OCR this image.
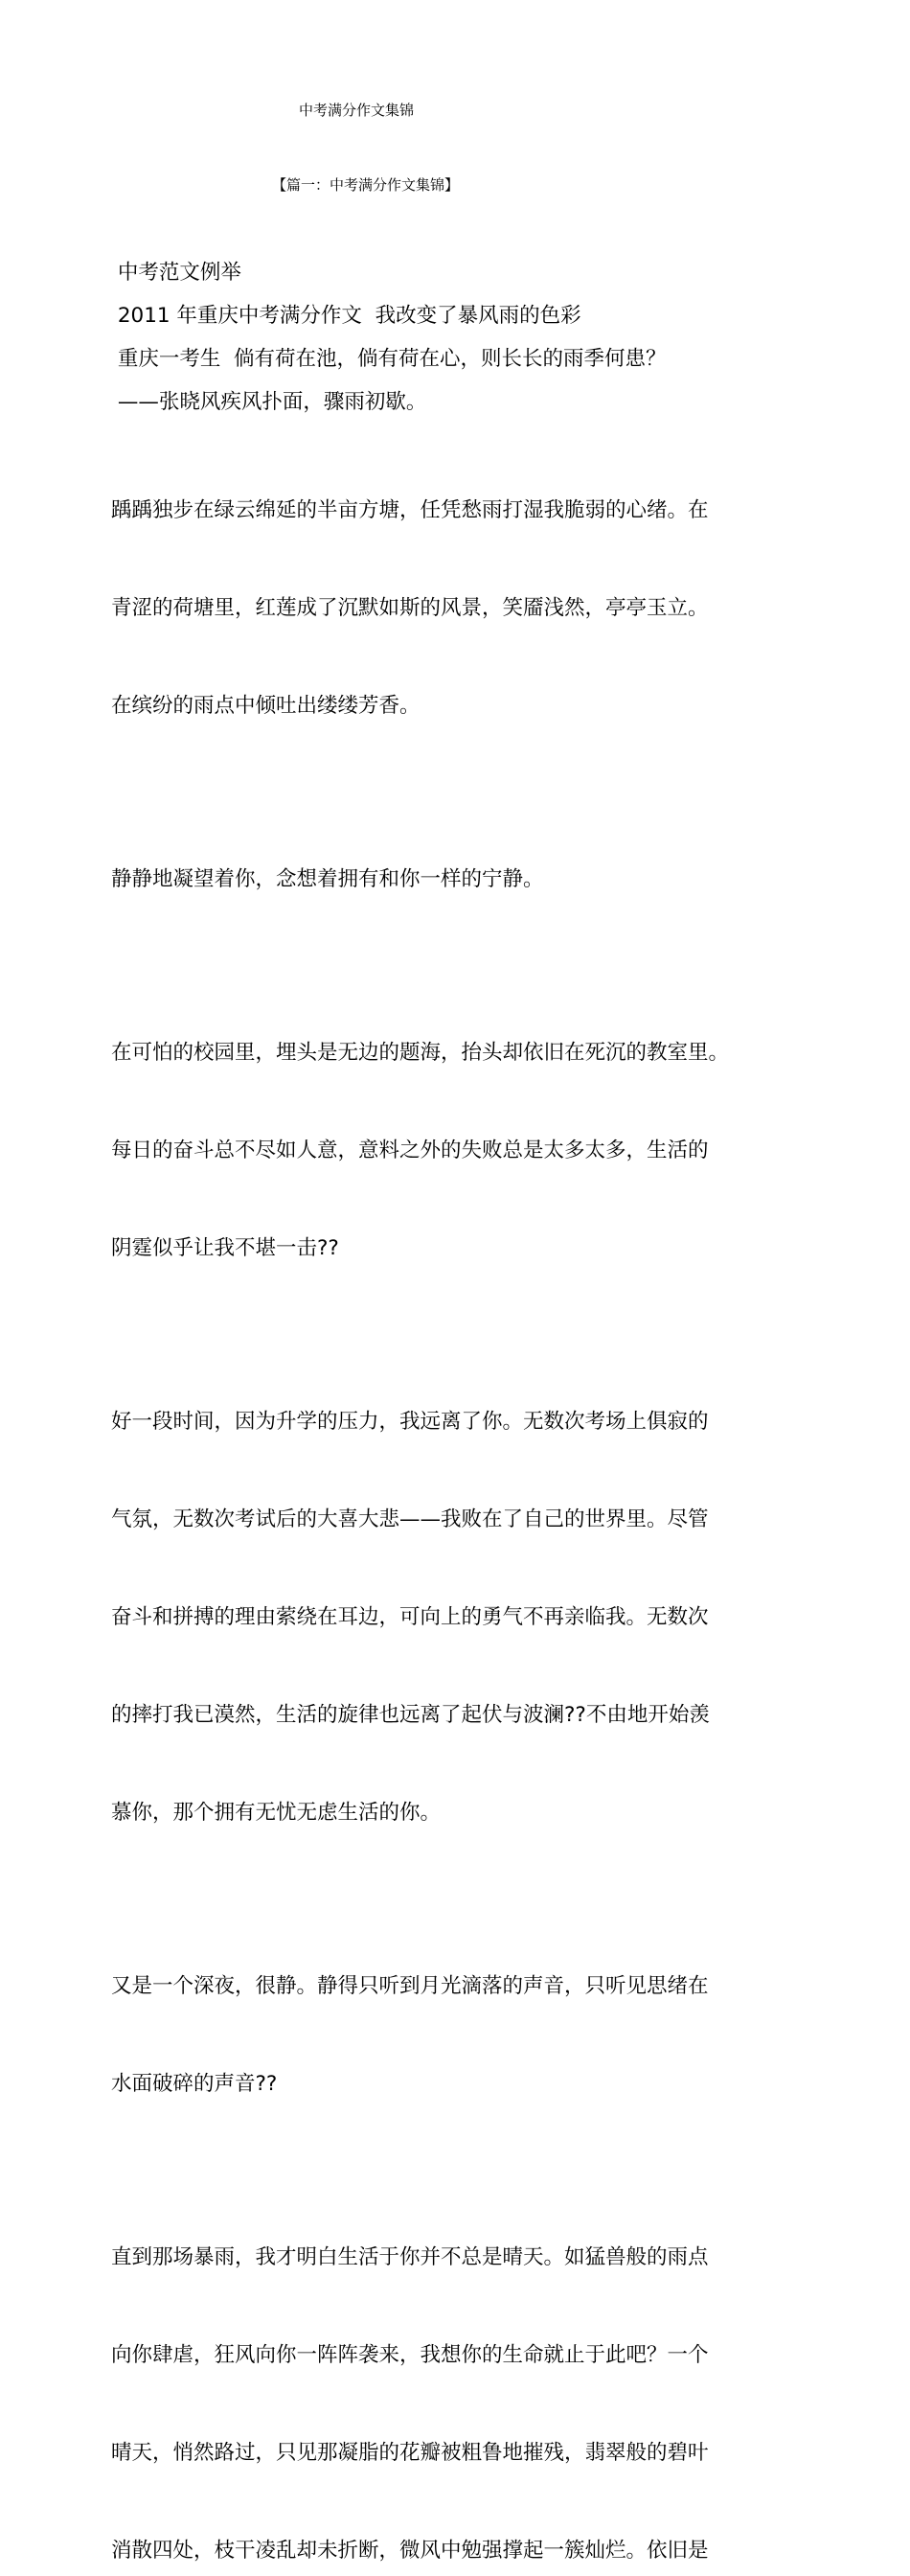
中考满分作文集锦
【篇一：中考满分作文集锦】

中考范文例举

2011 年重庆中考满分作文  我改变了暴风雨的色彩

重庆一考生  倘有荷在池，倘有荷在心，则长长的雨季何患？

——张晓风疾风扑面，骤雨初歇。

踽踽独步在绿云绵延的半亩方塘，任凭愁雨打湿我脆弱的心绪。在

青涩的荷塘里，红莲成了沉默如斯的风景，笑靥浅然，亭亭玉立。

在缤纷的雨点中倾吐出缕缕芳香。

静静地凝望着你，念想着拥有和你一样的宁静。

在可怕的校园里，埋头是无边的题海，抬头却依旧在死沉的教室里。

每日的奋斗总不尽如人意，意料之外的失败总是太多太多，生活的

阴霆似乎让我不堪一击??

好一段时间，因为升学的压力，我远离了你。无数次考场上俱寂的

气氛，无数次考试后的大喜大悲——我败在了自己的世界里。尽管

奋斗和拼搏的理由萦绕在耳边，可向上的勇气不再亲临我。无数次

的摔打我已漠然，生活的旋律也远离了起伏与波澜??不由地开始羡

慕你，那个拥有无忧无虑生活的你。

又是一个深夜，很静。静得只听到月光滴落的声音，只听见思绪在

水面破碎的声音??

直到那场暴雨，我才明白生活于你并不总是晴天。如猛兽般的雨点

向你肆虐，狂风向你一阵阵袭来，我想你的生命就止于此吧？一个

晴天，悄然路过，只见那凝脂的花瓣被粗鲁地摧残，翡翠般的碧叶

消散四处，枝干凌乱却未折断，微风中勉强撑起一簇灿烂。依旧是
